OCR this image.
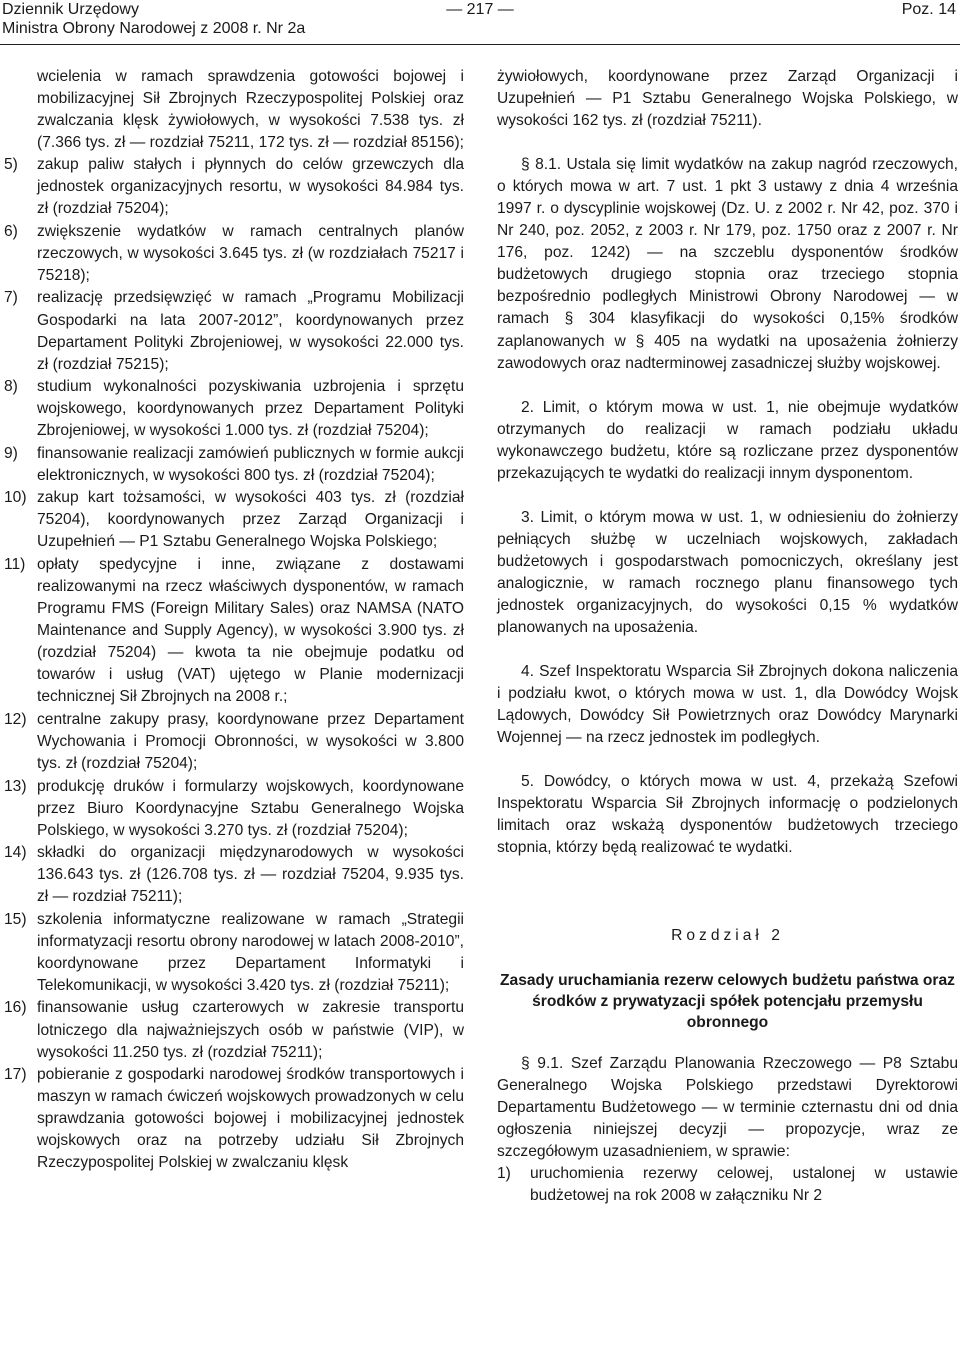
Dziennik Urzędowy
Ministra Obrony Narodowej z 2008 r. Nr 2a
— 217 —	Poz. 14

wcielenia w ramach sprawdzenia gotowości bojowej i mobilizacyjnej Sił Zbrojnych Rzeczypospolitej Polskiej oraz zwalczania klęsk żywiołowych, w wysokości 7.538 tys. zł (7.366 tys. zł — rozdział 75211, 172 tys. zł — rozdział 85156);

5) zakup paliw stałych i płynnych do celów grzewczych dla jednostek organizacyjnych resortu, w wysokości 84.984 tys. zł (rozdział 75204);

6) zwiększenie wydatków w ramach centralnych planów rzeczowych, w wysokości 3.645 tys. zł (w rozdziałach 75217 i 75218);

7) realizację przedsięwzięć w ramach „Programu Mobilizacji Gospodarki na lata 2007-2012”, koordynowanych przez Departament Polityki Zbrojeniowej, w wysokości 22.000 tys. zł (rozdział 75215);

8) studium wykonalności pozyskiwania uzbrojenia i sprzętu wojskowego, koordynowanych przez Departament Polityki Zbrojeniowej, w wysokości 1.000 tys. zł (rozdział 75204);

9) finansowanie realizacji zamówień publicznych w formie aukcji elektronicznych, w wysokości 800 tys. zł (rozdział 75204);

10) zakup kart tożsamości, w wysokości 403 tys. zł (rozdział 75204), koordynowanych przez Zarząd Organizacji i Uzupełnień — P1 Sztabu Generalnego Wojska Polskiego;

11) opłaty spedycyjne i inne, związane z dostawami realizowanymi na rzecz właściwych dysponentów, w ramach Programu FMS (Foreign Military Sales) oraz NAMSA (NATO Maintenance and Supply Agency), w wysokości 3.900 tys. zł (rozdział 75204) — kwota ta nie obejmuje podatku od towarów i usług (VAT) ujętego w Planie modernizacji technicznej Sił Zbrojnych na 2008 r.;

12) centralne zakupy prasy, koordynowane przez Departament Wychowania i Promocji Obronności, w wysokości w 3.800 tys. zł (rozdział 75204);

13) produkcję druków i formularzy wojskowych, koordynowane przez Biuro Koordynacyjne Sztabu Generalnego Wojska Polskiego, w wysokości 3.270 tys. zł (rozdział 75204);

14) składki do organizacji międzynarodowych w wysokości 136.643 tys. zł (126.708 tys. zł — rozdział 75204, 9.935 tys. zł — rozdział 75211);

15) szkolenia informatyczne realizowane w ramach „Strategii informatyzacji resortu obrony narodowej w latach 2008-2010”, koordynowane przez Departament Informatyki i Telekomunikacji, w wysokości 3.420 tys. zł (rozdział 75211);

16) finansowanie usług czarterowych w zakresie transportu lotniczego dla najważniejszych osób w państwie (VIP), w wysokości 11.250 tys. zł (rozdział 75211);

17) pobieranie z gospodarki narodowej środków transportowych i maszyn w ramach ćwiczeń wojskowych prowadzonych w celu sprawdzania gotowości bojowej i mobilizacyjnej jednostek wojskowych oraz na potrzeby udziału Sił Zbrojnych Rzeczypospolitej Polskiej w zwalczaniu klęsk

żywiołowych, koordynowane przez Zarząd Organizacji i Uzupełnień — P1 Sztabu Generalnego Wojska Polskiego, w wysokości 162 tys. zł (rozdział 75211).

§ 8.1. Ustala się limit wydatków na zakup nagród rzeczowych, o których mowa w art. 7 ust. 1 pkt 3 ustawy z dnia 4 września 1997 r. o dyscyplinie wojskowej (Dz. U. z 2002 r. Nr 42, poz. 370 i Nr 240, poz. 2052, z 2003 r. Nr 179, poz. 1750 oraz z 2007 r. Nr 176, poz. 1242) — na szczeblu dysponentów środków budżetowych drugiego stopnia oraz trzeciego stopnia bezpośrednio podległych Ministrowi Obrony Narodowej — w ramach § 304 klasyfikacji do wysokości 0,15% środków zaplanowanych w § 405 na wydatki na uposażenia żołnierzy zawodowych oraz nadterminowej zasadniczej służby wojskowej.

2. Limit, o którym mowa w ust. 1, nie obejmuje wydatków otrzymanych do realizacji w ramach podziału układu wykonawczego budżetu, które są rozliczane przez dysponentów przekazujących te wydatki do realizacji innym dysponentom.

3. Limit, o którym mowa w ust. 1, w odniesieniu do żołnierzy pełniących służbę w uczelniach wojskowych, zakładach budżetowych i gospodarstwach pomocniczych, określany jest analogicznie, w ramach rocznego planu finansowego tych jednostek organizacyjnych, do wysokości 0,15 % wydatków planowanych na uposażenia.

4. Szef Inspektoratu Wsparcia Sił Zbrojnych dokona naliczenia i podziału kwot, o których mowa w ust. 1, dla Dowódcy Wojsk Lądowych, Dowódcy Sił Powietrznych oraz Dowódcy Marynarki Wojennej — na rzecz jednostek im podległych.

5. Dowódcy, o których mowa w ust. 4, przekażą Szefowi Inspektoratu Wsparcia Sił Zbrojnych informację o podzielonych limitach oraz wskażą dysponentów budżetowych trzeciego stopnia, którzy będą realizować te wydatki.

Rozdział 2

Zasady uruchamiania rezerw celowych budżetu państwa oraz środków z prywatyzacji spółek potencjału przemysłu obronnego

§ 9.1. Szef Zarządu Planowania Rzeczowego — P8 Sztabu Generalnego Wojska Polskiego przedstawi Dyrektorowi Departamentu Budżetowego — w terminie czternastu dni od dnia ogłoszenia niniejszej decyzji — propozycje, wraz ze szczegółowym uzasadnieniem, w sprawie:

1) uruchomienia rezerwy celowej, ustalonej w ustawie budżetowej na rok 2008 w załączniku Nr 2
